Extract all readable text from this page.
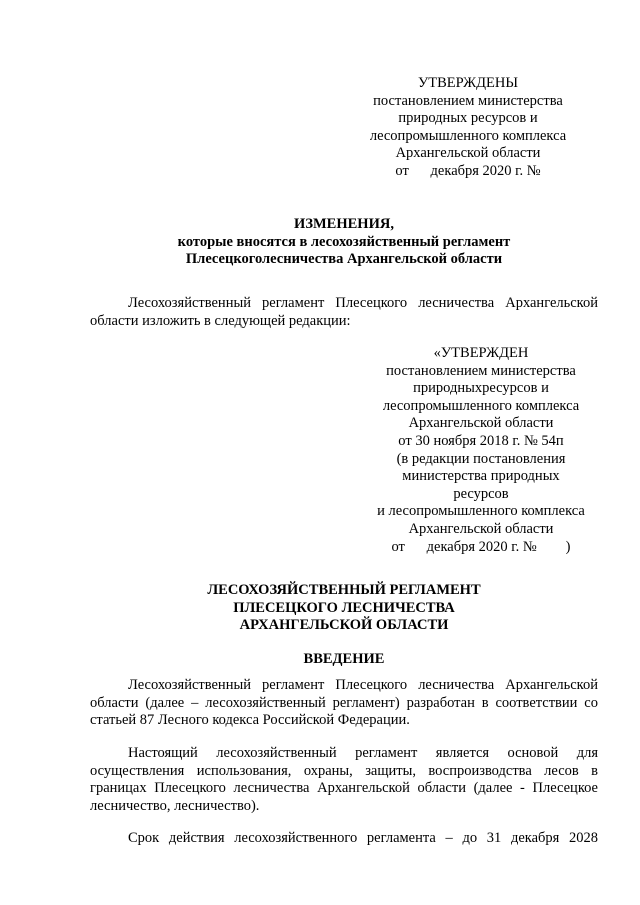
УТВЕРЖДЕНЫ
постановлением министерства
природных ресурсов и
лесопромышленного комплекса
Архангельской области
от      декабря 2020 г. №
ИЗМЕНЕНИЯ,
которые вносятся в лесохозяйственный регламент
Плесецкоголесничества Архангельской области

Лесохозяйственный регламент Плесецкого лесничества Архангельской области изложить в следующей редакции:

«УТВЕРЖДЕН
постановлением министерства
природныхресурсов и
лесопромышленного комплекса
Архангельской области
от 30 ноября 2018 г. № 54п
(в редакции постановления
министерства природных
ресурсов
и лесопромышленного комплекса
Архангельской области
от      декабря 2020 г. №        )
ЛЕСОХОЗЯЙСТВЕННЫЙ РЕГЛАМЕНТ
ПЛЕСЕЦКОГО ЛЕСНИЧЕСТВА
АРХАНГЕЛЬСКОЙ ОБЛАСТИ
ВВЕДЕНИЕ

Лесохозяйственный регламент Плесецкого лесничества Архангельской области (далее – лесохозяйственный регламент) разработан в соответствии со статьей 87 Лесного кодекса Российской Федерации.

Настоящий лесохозяйственный регламент является основой для осуществления использования, охраны, защиты, воспроизводства лесов в границах Плесецкого лесничества Архангельской области (далее - Плесецкое лесничество, лесничество).

Срок действия лесохозяйственного регламента – до 31 декабря 2028
